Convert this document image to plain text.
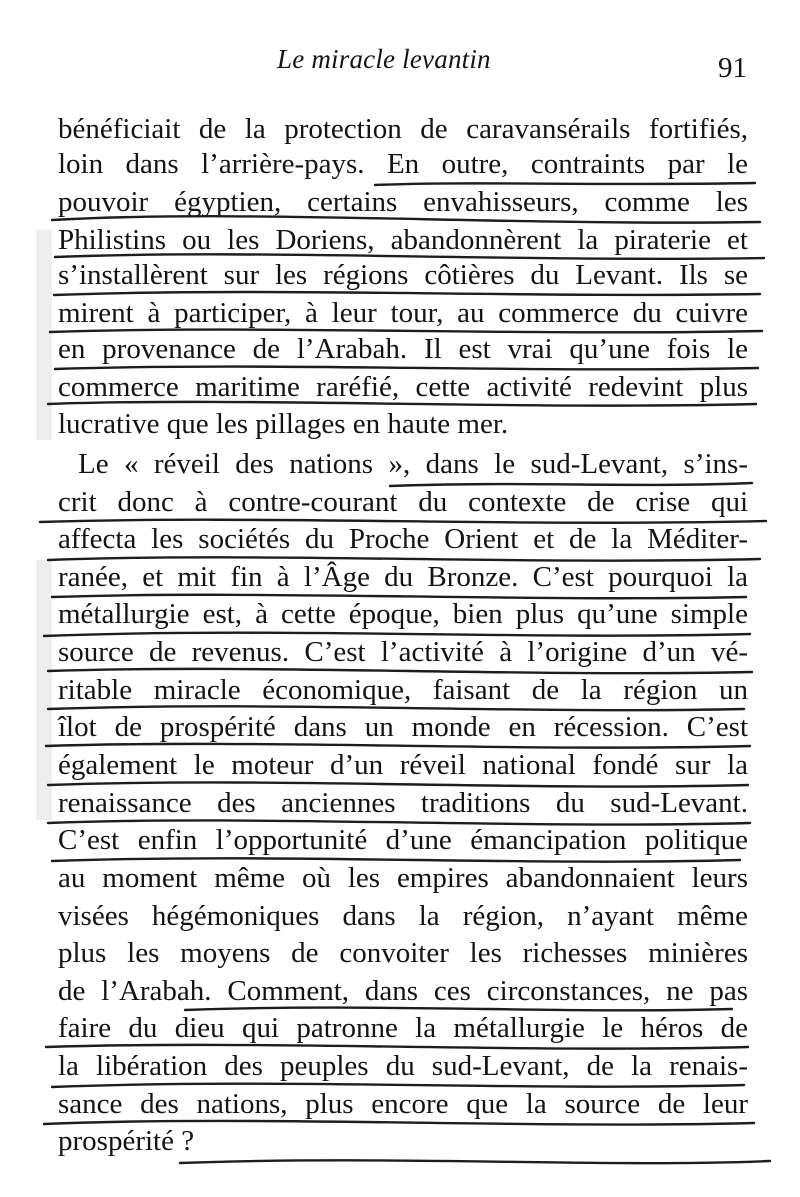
Le miracle levantin	91
bénéficiait de la protection de caravansérails fortifiés,
loin dans l’arrière-pays. En outre, contraints par le
pouvoir égyptien, certains envahisseurs, comme les
Philistins ou les Doriens, abandonnèrent la piraterie et
s’installèrent sur les régions côtières du Levant. Ils se
mirent à participer, à leur tour, au commerce du cuivre
en provenance de l’Arabah. Il est vrai qu’une fois le
commerce maritime raréfié, cette activité redevint plus
lucrative que les pillages en haute mer.
Le « réveil des nations », dans le sud-Levant, s’ins-
crit donc à contre-courant du contexte de crise qui
affecta les sociétés du Proche Orient et de la Méditer-
ranée, et mit fin à l’Âge du Bronze. C’est pourquoi la
métallurgie est, à cette époque, bien plus qu’une simple
source de revenus. C’est l’activité à l’origine d’un vé-
ritable miracle économique, faisant de la région un
îlot de prospérité dans un monde en récession. C’est
également le moteur d’un réveil national fondé sur la
renaissance des anciennes traditions du sud-Levant.
C’est enfin l’opportunité d’une émancipation politique
au moment même où les empires abandonnaient leurs
visées hégémoniques dans la région, n’ayant même
plus les moyens de convoiter les richesses minières
de l’Arabah. Comment, dans ces circonstances, ne pas
faire du dieu qui patronne la métallurgie le héros de
la libération des peuples du sud-Levant, de la renais-
sance des nations, plus encore que la source de leur
prospérité ?
